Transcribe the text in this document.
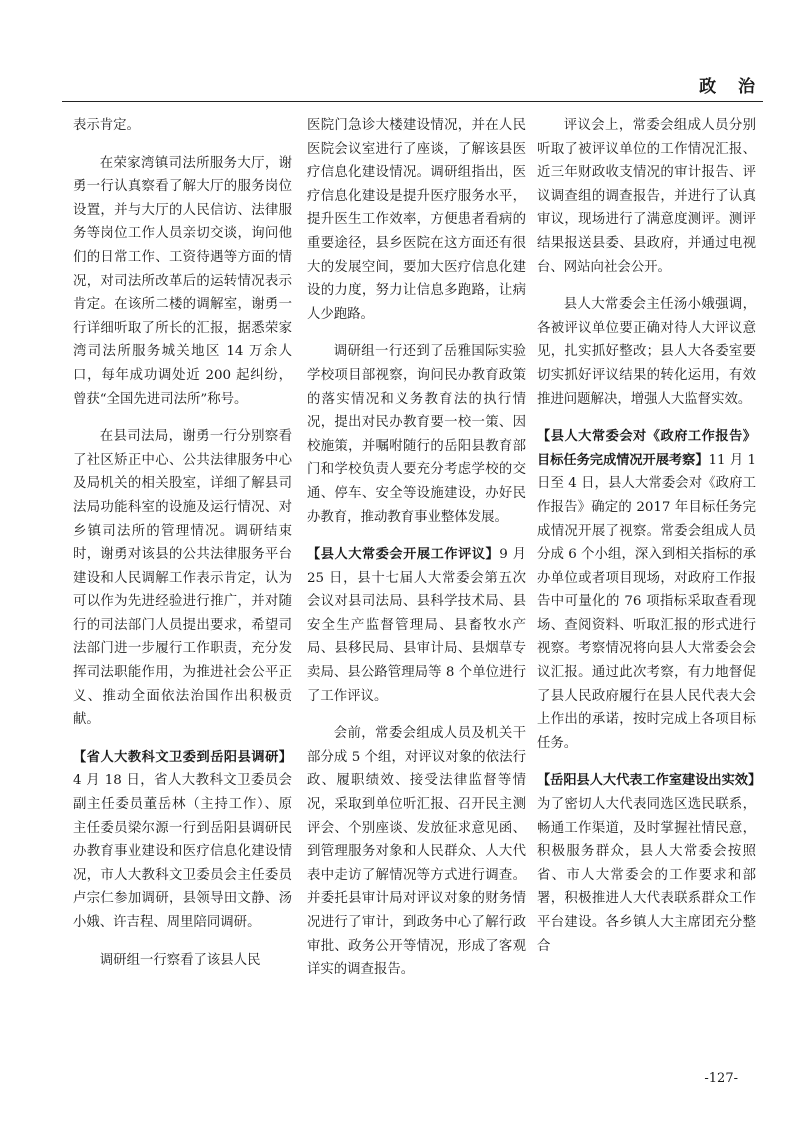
政 治

表示肯定。

在荣家湾镇司法所服务大厅，谢勇一行认真察看了解大厅的服务岗位设置，并与大厅的人民信访、法律服务等岗位工作人员亲切交谈，询问他们的日常工作、工资待遇等方面的情况，对司法所改革后的运转情况表示肯定。在该所二楼的调解室，谢勇一行详细听取了所长的汇报，据悉荣家湾司法所服务城关地区 14 万余人口，每年成功调处近 200 起纠纷，曾获“全国先进司法所”称号。

在县司法局，谢勇一行分别察看了社区矫正中心、公共法律服务中心及局机关的相关股室，详细了解县司法局功能科室的设施及运行情况、对乡镇司法所的管理情况。调研结束时，谢勇对该县的公共法律服务平台建设和人民调解工作表示肯定，认为可以作为先进经验进行推广，并对随行的司法部门人员提出要求，希望司法部门进一步履行工作职责，充分发挥司法职能作用，为推进社会公平正义、推动全面依法治国作出积极贡献。

【省人大教科文卫委到岳阳县调研】4 月 18 日，省人大教科文卫委员会副主任委员董岳林（主持工作）、原主任委员梁尔源一行到岳阳县调研民办教育事业建设和医疗信息化建设情况，市人大教科文卫委员会主任委员卢宗仁参加调研，县领导田文静、汤小娥、许吉程、周里陪同调研。

调研组一行察看了该县人民

医院门急诊大楼建设情况，并在人民医院会议室进行了座谈，了解该县医疗信息化建设情况。调研组指出，医疗信息化建设是提升医疗服务水平，提升医生工作效率，方便患者看病的重要途径，县乡医院在这方面还有很大的发展空间，要加大医疗信息化建设的力度，努力让信息多跑路，让病人少跑路。

调研组一行还到了岳雅国际实验学校项目部视察，询问民办教育政策的落实情况和义务教育法的执行情况，提出对民办教育要一校一策、因校施策，并嘱咐随行的岳阳县教育部门和学校负责人要充分考虑学校的交通、停车、安全等设施建设，办好民办教育，推动教育事业整体发展。

【县人大常委会开展工作评议】9 月 25 日，县十七届人大常委会第五次会议对县司法局、县科学技术局、县安全生产监督管理局、县畜牧水产局、县移民局、县审计局、县烟草专卖局、县公路管理局等 8 个单位进行了工作评议。

会前，常委会组成人员及机关干部分成 5 个组，对评议对象的依法行政、履职绩效、接受法律监督等情况，采取到单位听汇报、召开民主测评会、个别座谈、发放征求意见函、到管理服务对象和人民群众、人大代表中走访了解情况等方式进行调查。并委托县审计局对评议对象的财务情况进行了审计，到政务中心了解行政审批、政务公开等情况，形成了客观详实的调查报告。

评议会上，常委会组成人员分别听取了被评议单位的工作情况汇报、近三年财政收支情况的审计报告、评议调查组的调查报告，并进行了认真审议，现场进行了满意度测评。测评结果报送县委、县政府，并通过电视台、网站向社会公开。

县人大常委会主任汤小娥强调，各被评议单位要正确对待人大评议意见，扎实抓好整改；县人大各委室要切实抓好评议结果的转化运用，有效推进问题解决，增强人大监督实效。

【县人大常委会对《政府工作报告》目标任务完成情况开展考察】11 月 1 日至 4 日，县人大常委会对《政府工作报告》确定的 2017 年目标任务完成情况开展了视察。常委会组成人员分成 6 个小组，深入到相关指标的承办单位或者项目现场，对政府工作报告中可量化的 76 项指标采取查看现场、查阅资料、听取汇报的形式进行视察。考察情况将向县人大常委会会议汇报。通过此次考察，有力地督促了县人民政府履行在县人民代表大会上作出的承诺，按时完成上各项目标任务。

【岳阳县人大代表工作室建设出实效】为了密切人大代表同选区选民联系，畅通工作渠道，及时掌握社情民意，积极服务群众，县人大常委会按照省、市人大常委会的工作要求和部署，积极推进人大代表联系群众工作平台建设。各乡镇人大主席团充分整合

-127-
